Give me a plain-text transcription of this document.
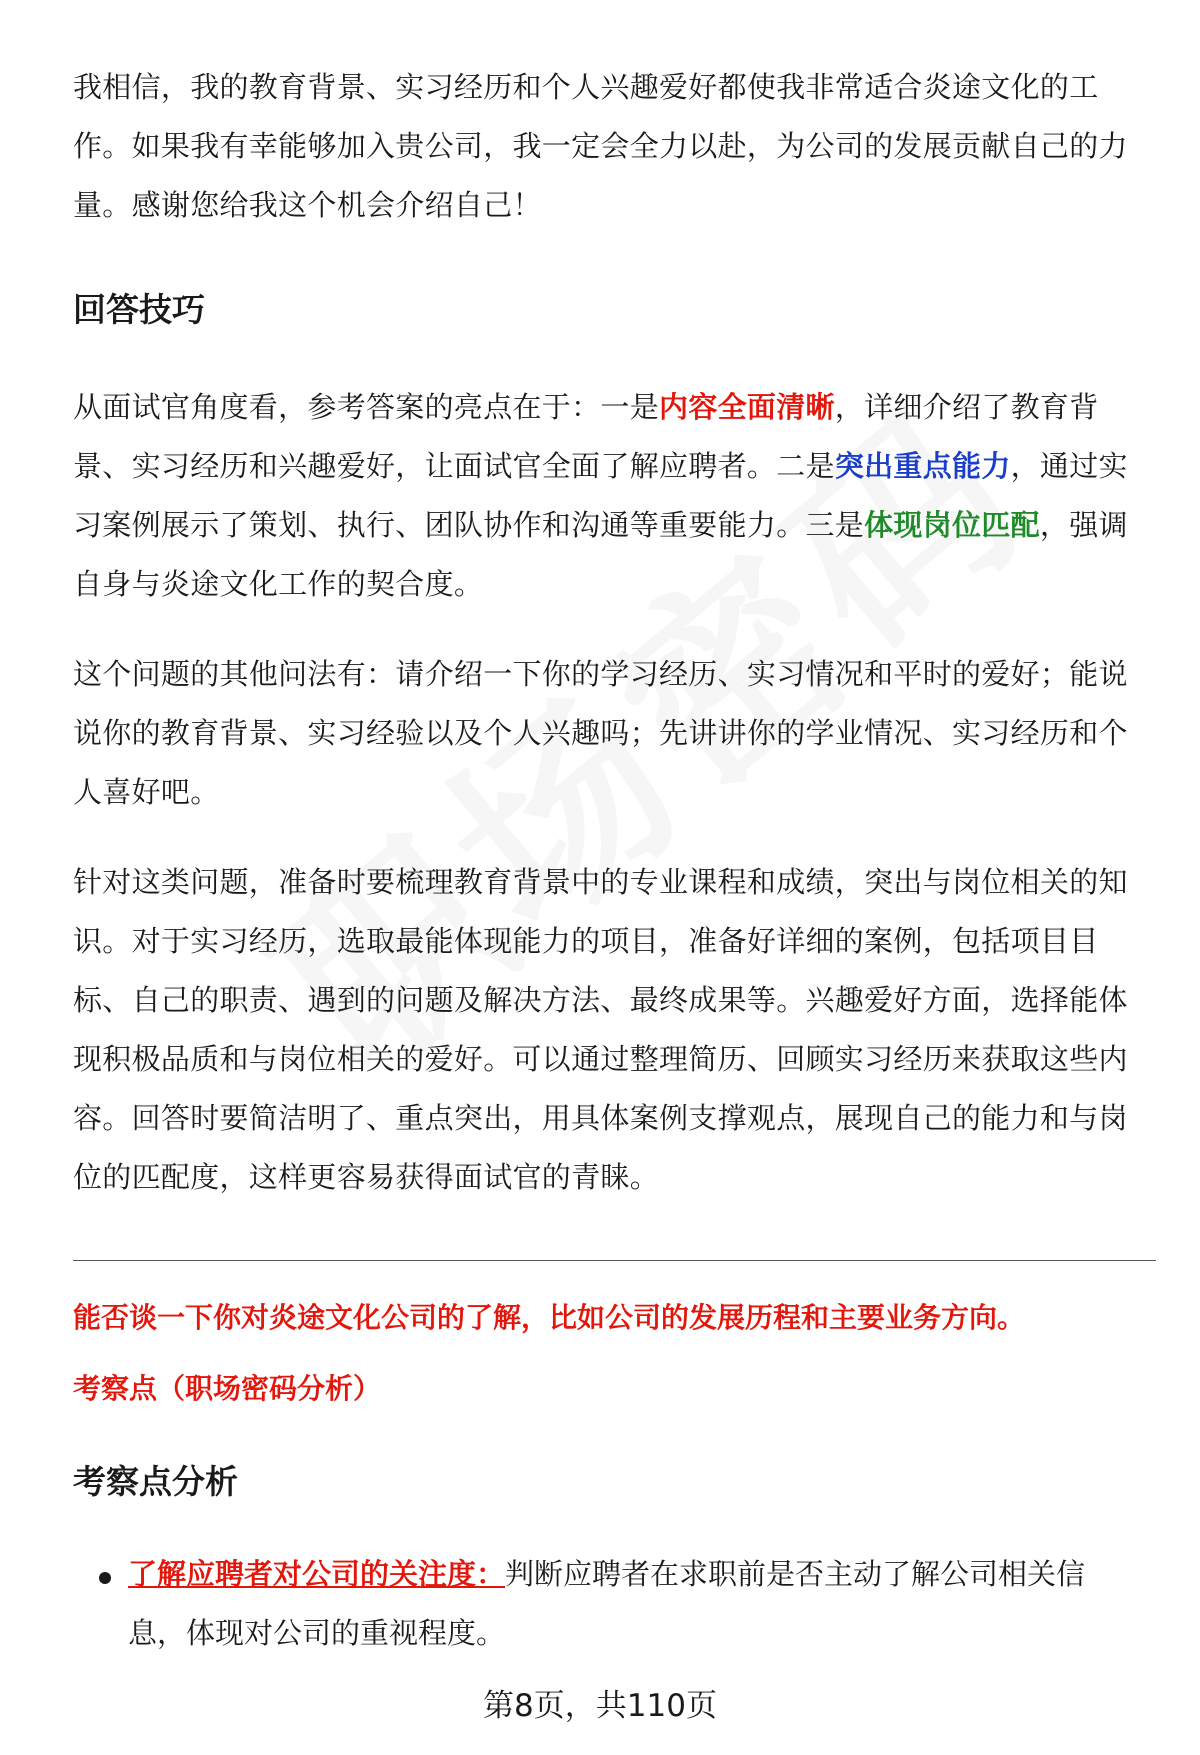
我相信，我的教育背景、实习经历和个人兴趣爱好都使我非常适合炎途文化的工作。如果我有幸能够加入贵公司，我一定会全力以赴，为公司的发展贡献自己的力量。感谢您给我这个机会介绍自己！
回答技巧
从面试官角度看，参考答案的亮点在于：一是内容全面清晰，详细介绍了教育背景、实习经历和兴趣爱好，让面试官全面了解应聘者。二是突出重点能力，通过实习案例展示了策划、执行、团队协作和沟通等重要能力。三是体现岗位匹配，强调自身与炎途文化工作的契合度。
这个问题的其他问法有：请介绍一下你的学习经历、实习情况和平时的爱好；能说说你的教育背景、实习经验以及个人兴趣吗；先讲讲你的学业情况、实习经历和个人喜好吧。
针对这类问题，准备时要梳理教育背景中的专业课程和成绩，突出与岗位相关的知识。对于实习经历，选取最能体现能力的项目，准备好详细的案例，包括项目目标、自己的职责、遇到的问题及解决方法、最终成果等。兴趣爱好方面，选择能体现积极品质和与岗位相关的爱好。可以通过整理简历、回顾实习经历来获取这些内容。回答时要简洁明了、重点突出，用具体案例支撑观点，展现自己的能力和与岗位的匹配度，这样更容易获得面试官的青睐。
能否谈一下你对炎途文化公司的了解，比如公司的发展历程和主要业务方向。
考察点（职场密码分析）
考察点分析
了解应聘者对公司的关注度：判断应聘者在求职前是否主动了解公司相关信息，体现对公司的重视程度。
第8页，共110页
